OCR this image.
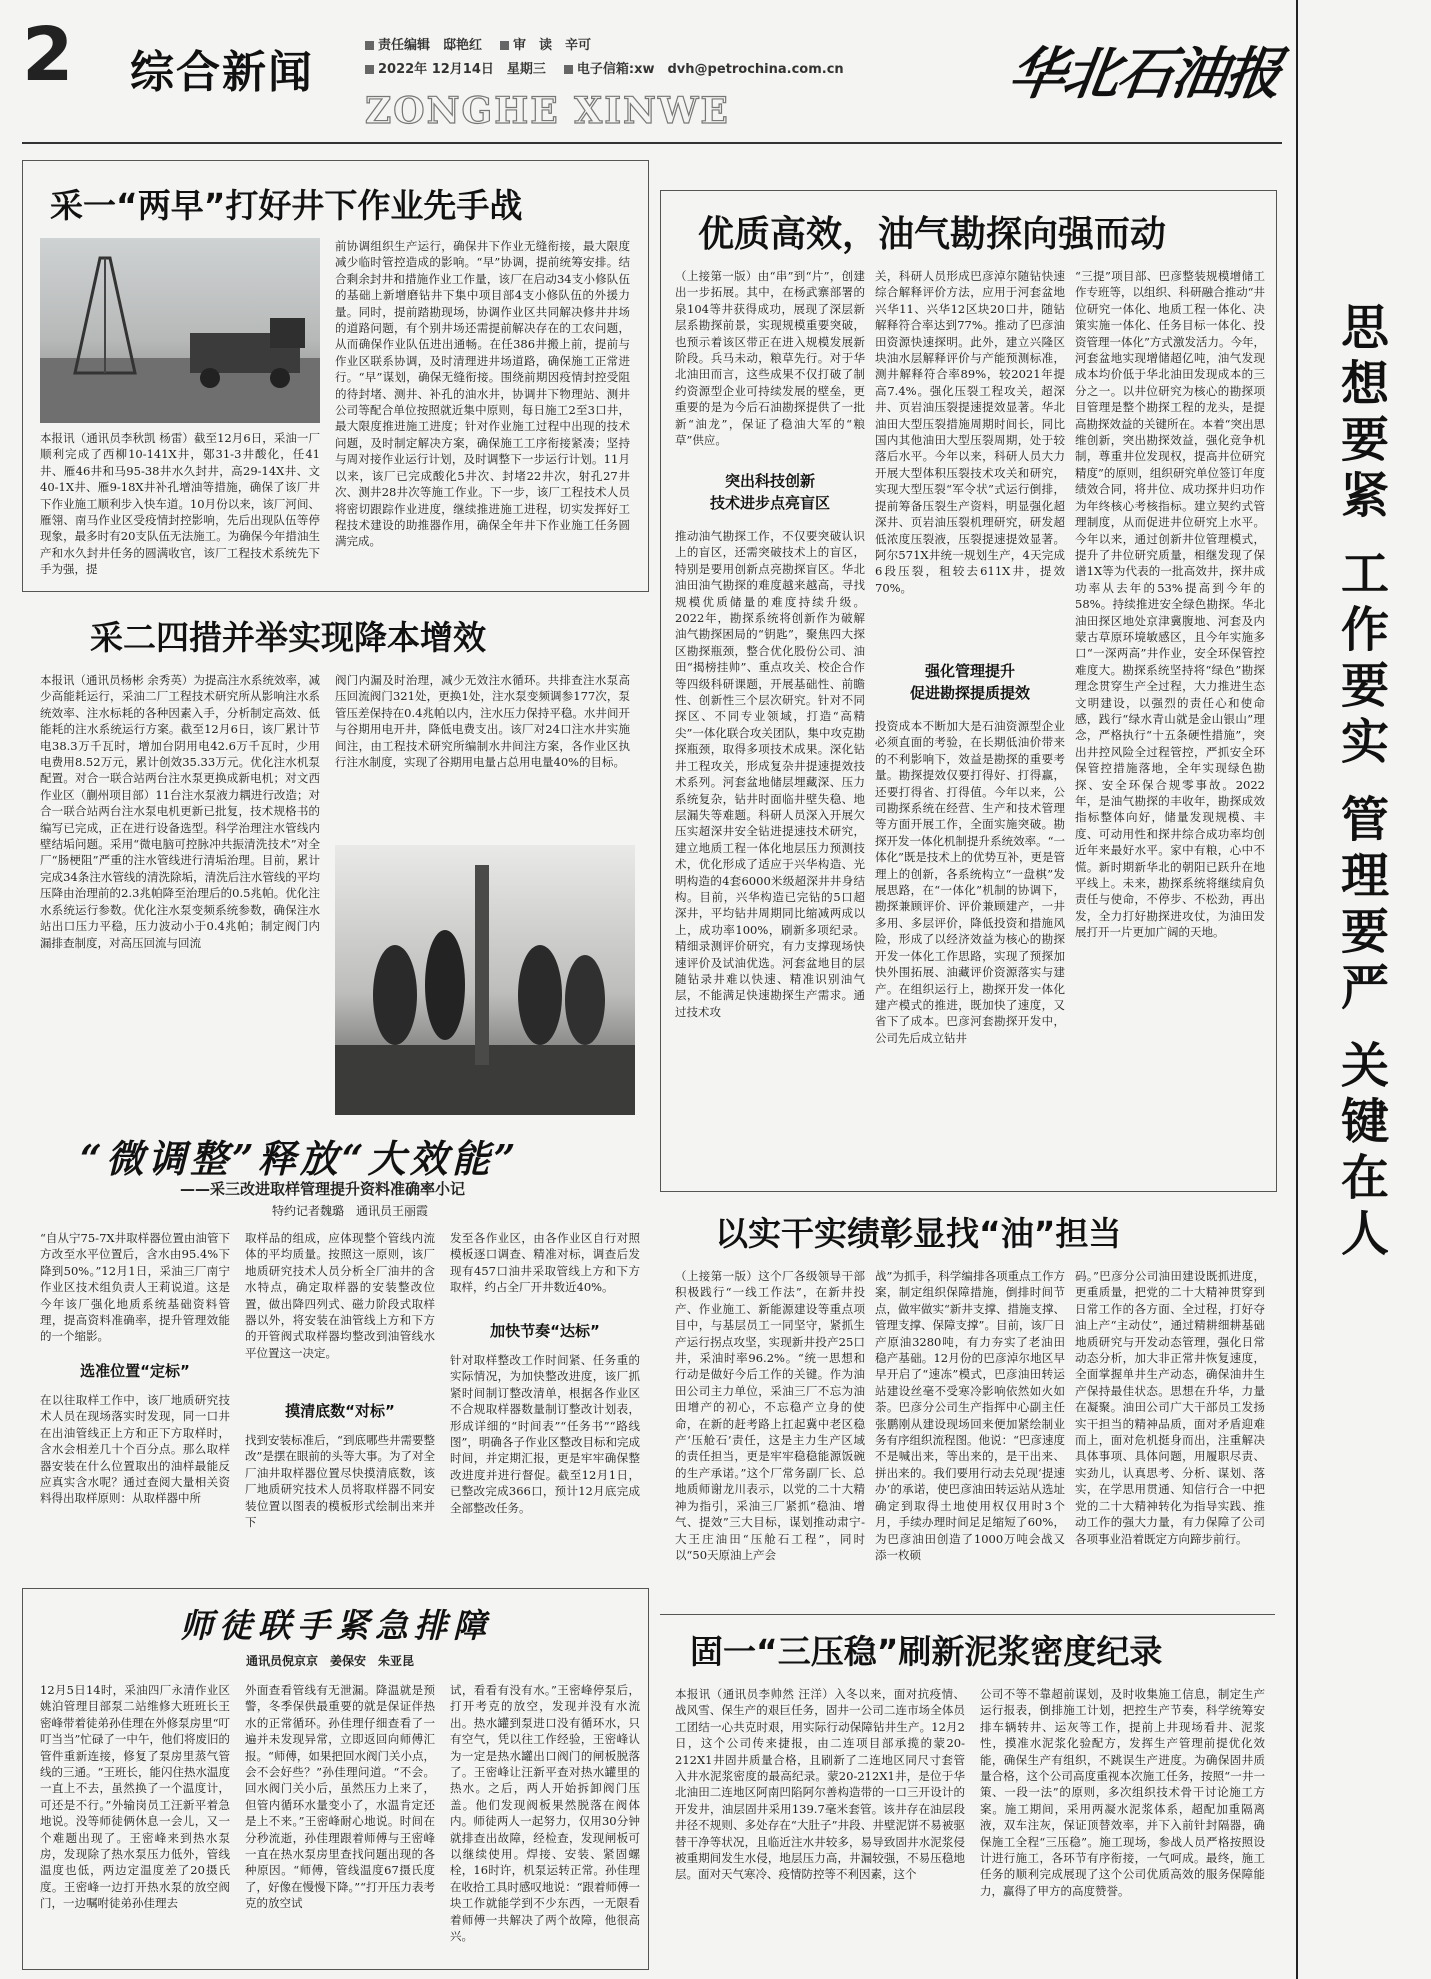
2 综合新闻
责任编辑　邸艳红 审　读　辛可
2022年 12月14日　星期三 电子信箱:xw　dvh@petrochina.com.cn
ZONGHE XINWE
华北石油报
思想要紧
工作要实
管理要严
关键在人
采一“两早”打好井下作业先手战
本报讯（通讯员李秋凯 杨雷）截至12月6日，采油一厂顺利完成了西柳10-141X井，鄚31-3井酸化，任41井、雁46井和马95-38井水久封井，高29-14X井、文40-1X井、雁9-18X井补孔增油等措施，确保了该厂井下作业施工顺利步入快车道。10月份以来，该厂河间、雁翎、南马作业区受疫情封控影响，先后出现队伍等停现象，最多时有20支队伍无法施工。为确保今年措油生产和水久封井任务的圆满收官，该厂工程技术系统先下手为强，提
前协调组织生产运行，确保井下作业无缝衔接，最大限度减少临时管控造成的影响。“早”协调，提前统筹安排。结合剩余封井和措施作业工作量，该厂在启动34支小修队伍的基础上新增磨钻井下集中项目部4支小修队伍的外援力量。同时，提前踏勘现场，协调作业区共同解决修井井场的道路问题，有个别井场还需提前解决存在的工农问题，从而确保作业队伍进出通畅。在任386井搬上前，提前与作业区联系协调，及时清理进井场道路，确保施工正常进行。“早”谋划，确保无缝衔接。围绕前期因疫情封控受阻的待封堵、测井、补孔的油水井，协调井下物理站、测井公司等配合单位按照就近集中原则，每日施工2至3口井，最大限度推进施工进度；针对作业施工过程中出现的技术问题，及时制定解决方案，确保施工工序衔接紧凑；坚持与周对接作业运行计划，及时调整下一步运行计划。11月以来，该厂已完成酸化5井次、封堵22井次，射孔27井次、测井28井次等施工作业。下一步，该厂工程技术人员将密切跟踪作业进度，继续推进施工进程，切实发挥好工程技术建设的助推器作用，确保全年井下作业施工任务圆满完成。
采二四措并举实现降本增效
本报讯（通讯员杨彬 余秀英）为提高注水系统效率，减少高能耗运行，采油二厂工程技术研究所从影响注水系统效率、注水标耗的各种因素入手，分析制定高效、低能耗的注水系统运行方案。截至12月6日，该厂累计节电38.3万千瓦时，增加台阴用电42.6万千瓦时，少用电费用8.52万元，累计创效35.33万元。优化注水机泵配置。对合一联合站两台注水泵更换成新电机；对文西作业区（蒯州项目部）11台注水泵液力耦进行改造；对合一联合站两台注水泵电机更新已批复，技术规格书的编写已完成，正在进行设备选型。科学治理注水管线内壁结垢问题。采用“微电脑可控脉冲共振清洗技术”对全厂“肠梗阻”严重的注水管线进行清垢治理。目前，累计完成34条注水管线的清洗除垢，清洗后注水管线的平均压降由治理前的2.3兆帕降至治理后的0.5兆帕。优化注水系统运行参数。优化注水泵变频系统参数，确保注水站出口压力平稳，压力波动小于0.4兆帕；制定阀门内漏排查制度，对高压回流与回流
阀门内漏及时治理，减少无效注水循环。共排查注水泵高压回流阀门321处，更换1处，注水泵变频调参177次，泵管压差保持在0.4兆帕以内，注水压力保持平稳。水井间开与谷期用电开井，降低电费支出。该厂对24口注水井实施间注，由工程技术研究所编制水井间注方案，各作业区执行注水制度，实现了谷期用电量占总用电量40%的目标。
“微调整”释放“大效能”
——采三改进取样管理提升资料准确率小记
特约记者魏璐　通讯员王丽霞
“自从宁75-7X井取样器位置由油管下方改至水平位置后，含水由95.4%下降到50%。”12月1日，采油三厂南宁作业区技术组负责人王莉说道。这是今年该厂强化地质系统基础资料管理，提高资料准确率，提升管理效能的一个缩影。
选准位置“定标”
在以往取样工作中，该厂地质研究技术人员在现场落实时发现，同一口井在出油管线正上方和正下方取样时，含水会相差几十个百分点。那么取样器安装在什么位置取出的油样最能反应真实含水呢？通过查阅大量相关资料得出取样原则：从取样器中所
取样品的组成，应体现整个管线内流体的平均质量。按照这一原则，该厂地质研究技术人员分析全厂油井的含水特点，确定取样器的安装整改位置，做出降四列式、磁力阶段式取样器以外，将安装在油管线上方和下方的开管阀式取样器均整改到油管线水平位置这一决定。
摸清底数“对标”
找到安装标准后，“到底哪些井需要整改”是摆在眼前的头等大事。为了对全厂油井取样器位置尽快摸清底数，该厂地质研究技术人员将取样器不同安装位置以图表的模板形式绘制出来并下
发至各作业区，由各作业区自行对照模板逐口调查、精准对标，调查后发现有457口油井采取管线上方和下方取样，约占全厂开井数近40%。
加快节奏“达标”
针对取样整改工作时间紧、任务重的实际情况，为加快整改进度，该厂抓紧时间制订整改清单，根据各作业区不合规取样器数量制订整改计划表，形成详细的“时间表”“任务书”“路线图”，明确各子作业区整改目标和完成时间，并定期汇报，更是牢牢确保整改进度并进行督促。截至12月1日，已整改完成366口，预计12月底完成全部整改任务。
师徒联手紧急排障
通讯员倪京京　姜保安　朱亚昆
12月5日14时，采油四厂永清作业区姚泊管理目部泵二站维修大班班长王密峰带着徒弟孙佳理在外修泵房里“叮叮当当”忙碌了一中午，他们将废旧的管件重新连接，修复了泵房里蒸气管线的三通。“王班长，能闪住热水温度一直上不去，虽然换了一个温度计，可还是不行。”外输岗员工汪新平着急地说。没等师徒俩休息一会儿，又一个难题出现了。王密峰来到热水泵房，发现除了热水泵压力低外，管线温度也低，两边定温度差了20摄氏度。王密峰一边打开热水泵的放空阀门，一边嘱咐徒弟孙佳理去
外面查看管线有无泄漏。降温就是预警，冬季保供最重要的就是保证伴热水的正常循环。孙佳理仔细查看了一遍并未发现异常，立即返回向师傅汇报。“师傅，如果把回水阀门关小点，会不会好些？”孙佳理问道。“不会。回水阀门关小后，虽然压力上来了，但管内循环水量变小了，水温肯定还是上不来。”王密峰耐心地说。时间在分秒流逝，孙佳理跟着师傅与王密峰一直在热水泵房里查找问题出现的各种原因。“师傅，管线温度67摄氏度了，好像在慢慢下降。”“打开压力表考克的放空试
试，看看有没有水。”王密峰停泵后，打开考克的放空，发现并没有水流出。热水罐到泵进口没有循环水，只有空气，凭以往工作经验，王密峰认为一定是热水罐出口阀门的闸板脱落了。王密峰让汪新平查对热水罐里的热水。之后，两人开始拆卸阀门压盖。他们发现阀板果然脱落在阀体内。师徒两人一起努力，仅用30分钟就排查出故障，经检查，发现闸板可以继续使用。焊接、安装、紧固螺栓，16时许，机泵运转正常。孙佳理在收拾工具时感叹地说：“跟着师傅一块工作就能学到不少东西，一无限看着师傅一共解决了两个故障，他很高兴。
优质高效，油气勘探向强而动
（上接第一版）由“串”到“片”，创建出一步拓展。其中，在杨武寨部署的泉104等井获得成功，展现了深层新层系勘探前景，实现规模重要突破，也预示着该区带正在进入规模发展新阶段。兵马未动，粮草先行。对于华北油田而言，这些成果不仅打破了制约资源型企业可持续发展的壁垒，更重要的是为今后石油勘探提供了一批新“油龙”，保证了稳油大军的“粮草”供应。
突出科技创新
技术进步点亮盲区
推动油气勘探工作，不仅要突破认识上的盲区，还需突破技术上的盲区，特别是要用创新点亮勘探盲区。华北油田油气勘探的难度越来越高，寻找规模优质储量的难度持续升级。2022年，勘探系统将创新作为破解油气勘探困局的“钥匙”，聚焦四大探区勘探瓶颈，整合优化股份公司、油田“揭榜挂帅”、重点攻关、校企合作等四级科研课题，开展基础性、前瞻性、创新性三个层次研究。针对不同探区、不同专业领域，打造“高精尖”一体化联合攻关团队，集中攻克勘探瓶颈，取得多项技术成果。深化钻井工程攻关，形成复杂井提速提效技术系列。河套盆地储层埋藏深、压力系统复杂，钻井时面临井壁失稳、地层漏失等难题。科研人员深入开展欠压实超深井安全钻进提速技术研究，建立地质工程一体化地层压力预测技术，优化形成了适应于兴华构造、光明构造的4套6000米级超深井井身结构。目前，兴华构造已完钻的5口超深井，平均钻井周期同比缩减两成以上，成功率100%，刷新多项纪录。精细录测评价研究，有力支撑现场快速评价及试油优选。河套盆地目的层随钻录井难以快速、精准识别油气层，不能满足快速勘探生产需求。通过技术攻
关，科研人员形成巴彦淖尔随钻快速综合解释评价方法，应用于河套盆地兴华11、兴华12区块20口井，随钻解释符合率达到77%。推动了巴彦油田资源快速探明。此外，建立兴隆区块油水层解释评价与产能预测标准，测井解释符合率89%，较2021年提高7.4%。强化压裂工程攻关，超深井、页岩油压裂提速提效显著。华北油田大型压裂措施周期时间长，同比国内其他油田大型压裂周期，处于较落后水平。今年以来，科研人员大力开展大型体积压裂技术攻关和研究，实现大型压裂“军令状”式运行倒排，提前筹备压裂生产资料，明显强化超深井、页岩油压裂机理研究，研发超低浓度压裂液，压裂提速提效显著。阿尔571X井统一规划生产，4天完成6段压裂，租较去611X井，提效70%。
强化管理提升
促进勘探提质提效
投资成本不断加大是石油资源型企业必须直面的考验，在长期低油价带来的不利影响下，效益是勘探的重要考量。勘探提效仅要打得好、打得赢，还要打得省、打得值。今年以来，公司勘探系统在经营、生产和技术管理等方面开展工作，全面实施突破。勘探开发一体化机制提升系统效率。“一体化”既是技术上的优势互补，更是管理上的创新，各系统构立“一盘棋”发展思路，在“一体化”机制的协调下，勘探兼顾评价、评价兼顾建产，一井多用、多层评价，降低投资和措施风险，形成了以经济效益为核心的勘探开发一体化工作思路，实现了预探加快外围拓展、油藏评价资源落实与建产。在组织运行上，勘探开发一体化建产模式的推进，既加快了速度，又省下了成本。巴彦河套勘探开发中，公司先后成立钻井
“三提”项目部、巴彦整装规模增储工作专班等，以组织、科研融合推动“井位研究一体化、地质工程一体化、决策实施一体化、任务目标一体化、投资管理一体化”方式激发活力。今年，河套盆地实现增储超亿吨，油气发现成本均价低于华北油田发现成本的三分之一。以井位研究为核心的勘探项目管理是整个勘探工程的龙头，是提高勘探效益的关键所在。本着“突出思维创新，突出勘探效益，强化竞争机制，尊重井位发现权，提高井位研究精度”的原则，组织研究单位签订年度绩效合同，将井位、成功探井归功作为年终核心考核指标。建立契约式管理制度，从而促进井位研究上水平。今年以来，通过创新井位管理模式，提升了井位研究质量，相继发现了保谱1X等为代表的一批高效井，探井成功率从去年的53%提高到今年的58%。持续推进安全绿色勘探。华北油田探区地处京津冀腹地、河套及内蒙古草原环境敏感区，且今年实施多口“一深两高”井作业，安全环保管控难度大。勘探系统坚持将“绿色”勘探理念贯穿生产全过程，大力推进生态文明建设，以强烈的责任心和使命感，践行“绿水青山就是金山银山”理念，严格执行“十五条硬性措施”，突出井控风险全过程管控，严抓安全环保管控措施落地，全年实现绿色勘探、安全环保合规零事故。2022年，是油气勘探的丰收年，勘探成效指标整体向好，储量发现规模、丰度、可动用性和探井综合成功率均创近年来最好水平。家中有粮，心中不慌。新时期新华北的朝阳已跃升在地平线上。未来，勘探系统将继续肩负责任与使命，不停步、不松劲，再出发，全力打好勘探进攻仗，为油田发展打开一片更加广阔的天地。
以实干实绩彰显找“油”担当
（上接第一版）这个厂各级领导干部积极践行“一线工作法”，在新井投产、作业施工、新能源建设等重点项目中，与基层员工一同坚守，紧抓生产运行拐点攻坚，实现新井投产25口井，采油时率96.2%。“统一思想和行动是做好今后工作的关键。作为油田公司主力单位，采油三厂不忘为油田增产的初心，不忘稳产立身的使命，在新的赶考路上扛起冀中老区稳产‘压舱石’责任，这是主力生产区域的责任担当，更是牢牢稳稳能源饭碗的生产承诺。”这个厂常务副厂长、总地质师谢龙川表示，以党的二十大精神为指引，采油三厂紧抓“稳油、增气、提效”三大目标，谋划推动肃宁-大王庄油田“压舱石工程”，同时以“50天原油上产会
战”为抓手，科学编排各项重点工作方案，制定组织保障措施，倒排时间节点，做牢做实“新井支撑、措施支撑、管理支撑、保障支撑”。目前，该厂日产原油3280吨，有力夯实了老油田稳产基础。12月份的巴彦淖尔地区早早开启了“速冻”模式，巴彦油田转运站建设丝毫不受寒冷影响依然如火如荼。巴彦分公司生产指挥中心副主任张鹏刚从建设现场回来便加紧绘制业务有序组织流程图。他说：“巴彦速度不是喊出来，等出来的，是干出来、拼出来的。我们要用行动去兑现‘提速办’的承诺，使巴彦油田转运站从选址确定到取得土地使用权仅用时3个月，手续办理时间足足缩短了60%，为巴彦油田创造了1000万吨会战又添一枚硕
码。”巴彦分公司油田建设既抓进度，更重质量，把党的二十大精神贯穿到日常工作的各方面、全过程，打好夺油上产“主动仗”，通过精耕细耕基础地质研究与开发动态管理，强化日常动态分析，加大非正常井恢复速度，全面掌握单井生产动态，确保油井生产保持最佳状态。思想在升华，力量在凝聚。油田公司广大干部员工发扬实干担当的精神品质，面对矛盾迎难而上，面对危机挺身而出，注重解决具体事项、具体问题，用履职尽责、实劲儿，认真思考、分析、谋划、落实，在学思用贯通、知信行合一中把党的二十大精神转化为指导实践、推动工作的强大力量，有力保障了公司各项事业沿着既定方向蹄步前行。
固一“三压稳”刷新泥浆密度纪录
本报讯（通讯员李帅然 汪洋）入冬以来，面对抗疫情、战风雪、保生产的艰巨任务，固井一公司二连市场全体员工团结一心共克时艰，用实际行动保障钻井生产。12月2日，这个公司传来捷报，由二连项目部承揽的蒙20-212X1井固井质量合格，且刷新了二连地区同尺寸套管入井水泥浆密度的最高纪录。蒙20-212X1井，是位于华北油田二连地区阿南凹陷阿尔善构造带的一口三开设计的开发井，油层固井采用139.7毫米套管。该井存在油层段井径不规则、多处存在“大肚子”井段、井壁泥饼不易被驱替干净等状况，且临近注水井较多，易导致固井水泥浆侵被重期间发生水侵，地层压力高，井漏较强，不易压稳地层。面对天气寒冷、疫情防控等不利因素，这个
公司不等不靠超前谋划，及时收集施工信息，制定生产运行报表，倒排施工计划，把控生产节奏，科学统筹安排车辆转井、运灰等工作，提前上井现场看井、泥浆性，摸准水泥浆化验配方，发挥生产管理前提优化效能，确保生产有组织，不跳误生产进度。为确保固井质量合格，这个公司高度重视本次施工任务，按照“一井一策、一段一法”的原则，多次组织技术骨干讨论施工方案。施工期间，采用两凝水泥浆体系，超配加重隔离液，双车注灰，保证顶替效率，并下入前针封隔器，确保施工全程“三压稳”。施工现场，参战人员严格按照设计进行施工，各环节有序衔接，一气呵成。最终，施工任务的顺利完成展现了这个公司优质高效的服务保障能力，赢得了甲方的高度赞誉。
